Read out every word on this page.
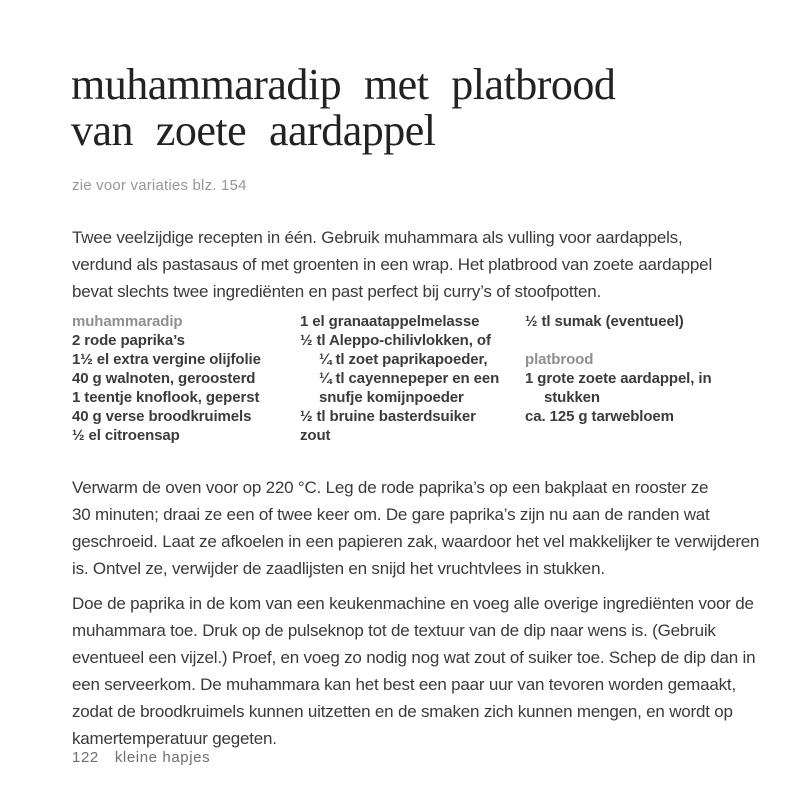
muhammaradip met platbrood
van zoete aardappel
zie voor variaties blz. 154
Twee veelzijdige recepten in één. Gebruik muhammara als vulling voor aardappels,
verdund als pastasaus of met groenten in een wrap. Het platbrood van zoete aardappel
bevat slechts twee ingrediënten en past perfect bij curry’s of stoofpotten.
muhammaradip
2 rode paprika’s
1½ el extra vergine olijfolie
40 g walnoten, geroosterd
1 teentje knoflook, geperst
40 g verse broodkruimels
½ el citroensap
1 el granaatappelmelasse
½ tl Aleppo-chilivlokken, of
¼ tl zoet paprikapoeder,
¼ tl cayennepeper en een
snufje komijnpoeder
½ tl bruine basterdsuiker
zout
½ tl sumak (eventueel)
platbrood
1 grote zoete aardappel, in
stukken
ca. 125 g tarwebloem
Verwarm de oven voor op 220 °C. Leg de rode paprika’s op een bakplaat en rooster ze
30 minuten; draai ze een of twee keer om. De gare paprika’s zijn nu aan de randen wat
geschroeid. Laat ze afkoelen in een papieren zak, waardoor het vel makkelijker te verwijderen
is. Ontvel ze, verwijder de zaadlijsten en snijd het vruchtvlees in stukken.
Doe de paprika in de kom van een keukenmachine en voeg alle overige ingrediënten voor de
muhammara toe. Druk op de pulseknop tot de textuur van de dip naar wens is. (Gebruik
eventueel een vijzel.) Proef, en voeg zo nodig nog wat zout of suiker toe. Schep de dip dan in
een serveerkom. De muhammara kan het best een paar uur van tevoren worden gemaakt,
zodat de broodkruimels kunnen uitzetten en de smaken zich kunnen mengen, en wordt op
kamertemperatuur gegeten.
122 kleine hapjes
